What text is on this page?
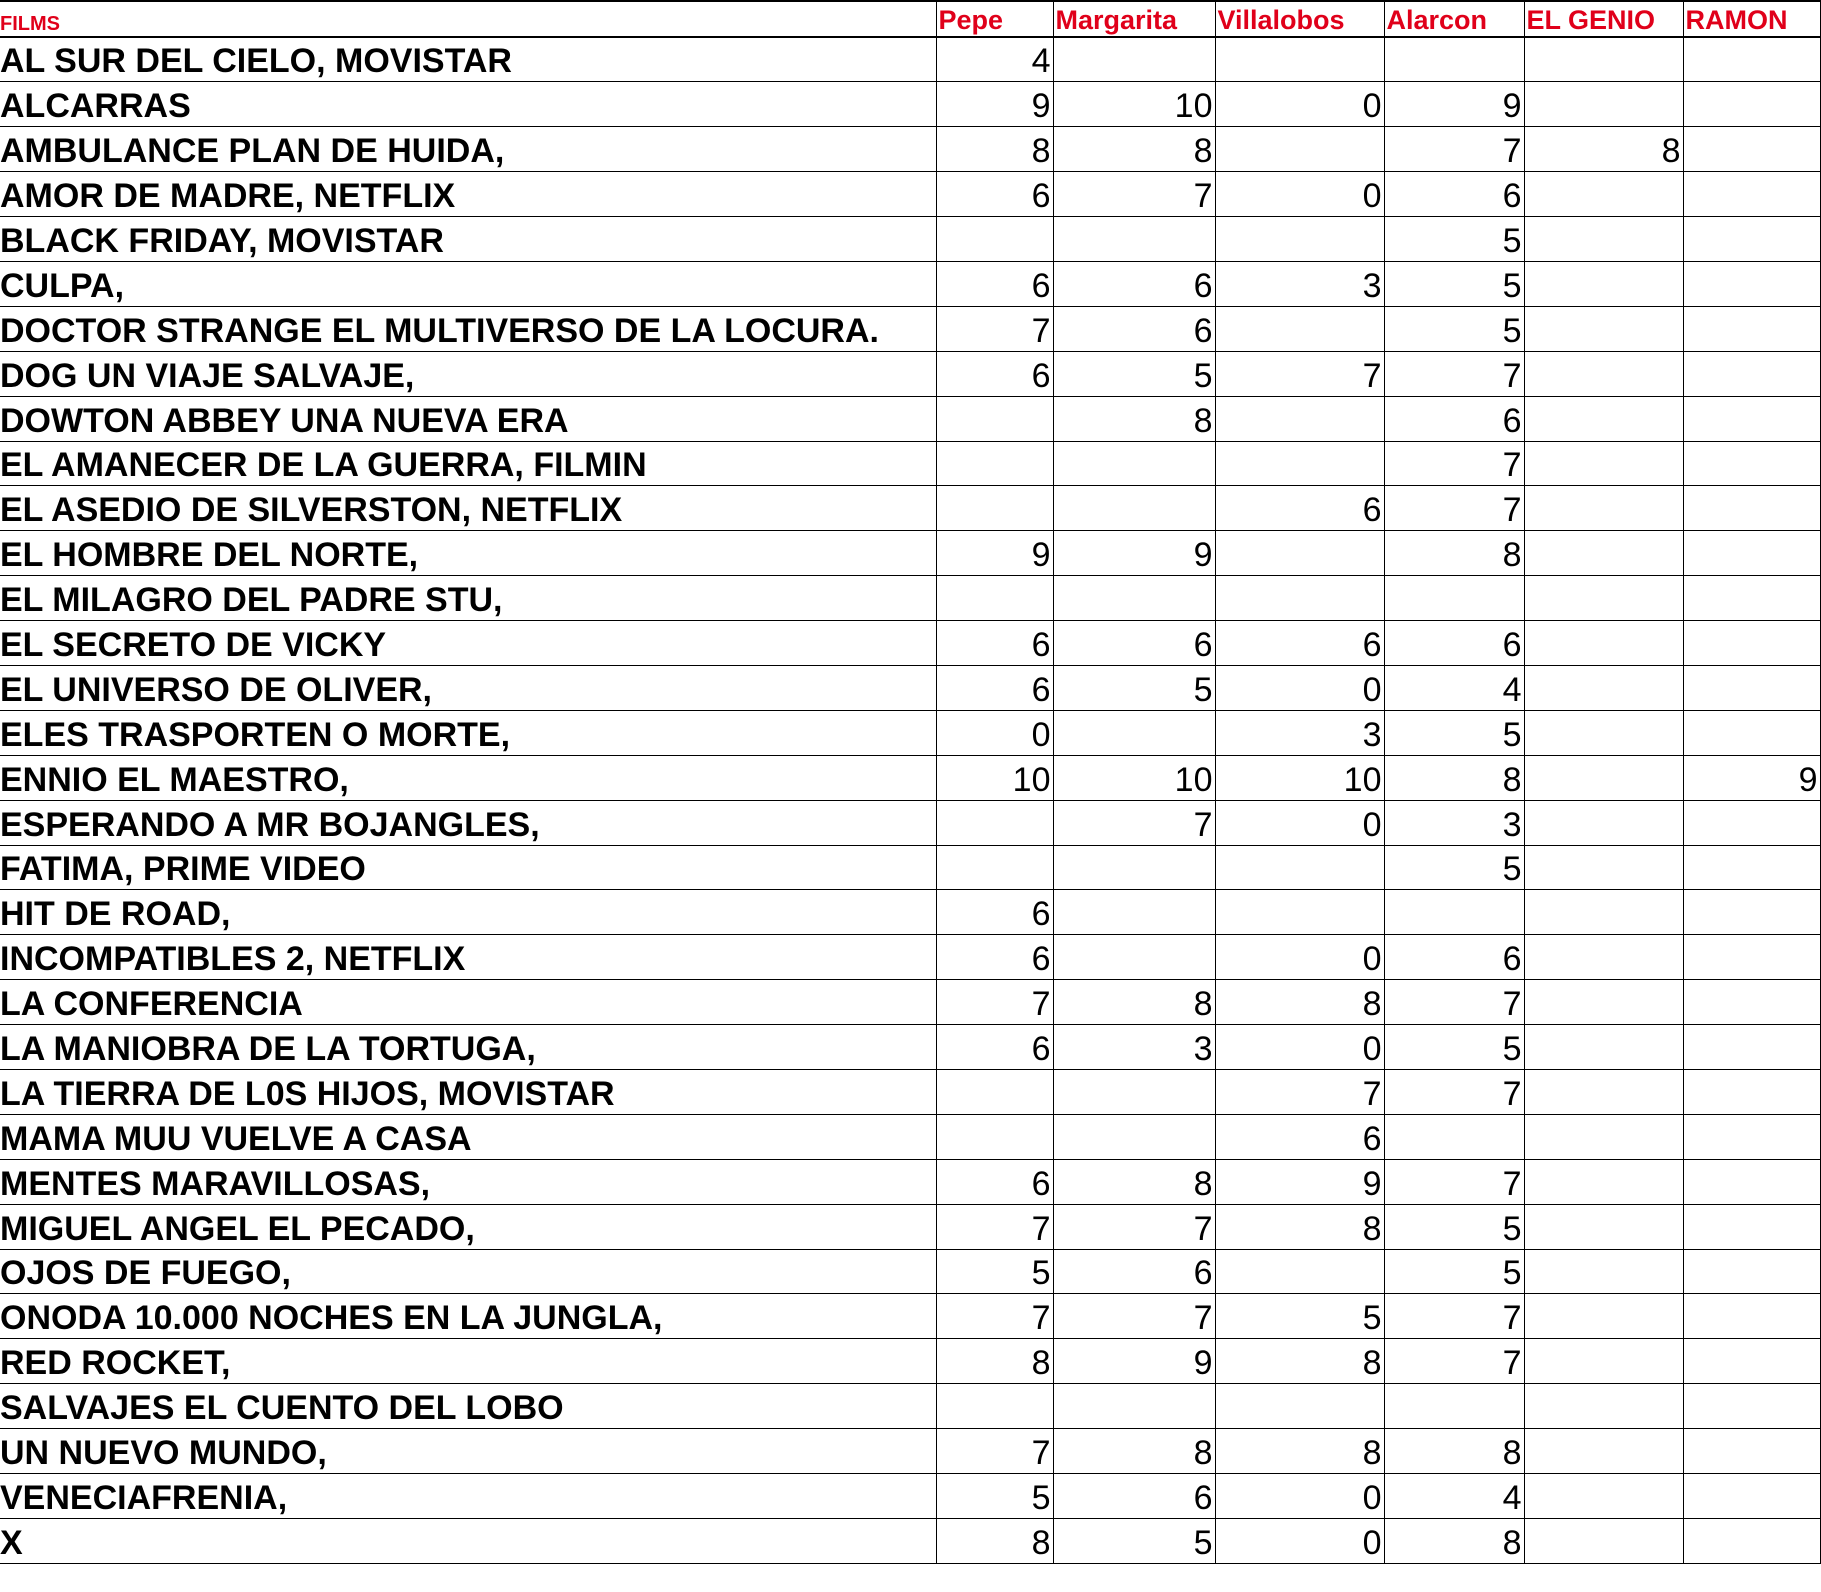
FILMS	Pepe	Margarita	Villalobos	Alarcon	EL GENIO	RAMON
AL SUR DEL CIELO, MOVISTAR	4					
ALCARRAS	9	10	0	9		
AMBULANCE PLAN DE HUIDA,	8	8		7	8	
AMOR DE MADRE, NETFLIX	6	7	0	6		
BLACK FRIDAY, MOVISTAR				5		
CULPA,	6	6	3	5		
DOCTOR STRANGE EL MULTIVERSO DE LA LOCURA.	7	6		5		
DOG UN VIAJE SALVAJE,	6	5	7	7		
DOWTON ABBEY UNA NUEVA ERA		8		6		
EL AMANECER DE LA GUERRA, FILMIN				7		
EL ASEDIO DE SILVERSTON, NETFLIX			6	7		
EL HOMBRE DEL NORTE,	9	9		8		
EL MILAGRO DEL PADRE STU,						
EL SECRETO DE VICKY	6	6	6	6		
EL UNIVERSO DE OLIVER,	6	5	0	4		
ELES TRASPORTEN O MORTE,	0		3	5		
ENNIO EL MAESTRO,	10	10	10	8		9
ESPERANDO A MR BOJANGLES,		7	0	3		
FATIMA, PRIME VIDEO				5		
HIT DE ROAD,	6					
INCOMPATIBLES 2, NETFLIX	6		0	6		
LA CONFERENCIA	7	8	8	7		
LA MANIOBRA DE LA TORTUGA,	6	3	0	5		
LA TIERRA DE L0S HIJOS, MOVISTAR			7	7		
MAMA MUU VUELVE A CASA			6			
MENTES MARAVILLOSAS,	6	8	9	7		
MIGUEL ANGEL EL PECADO,	7	7	8	5		
OJOS DE FUEGO,	5	6		5		
ONODA 10.000 NOCHES EN LA JUNGLA,	7	7	5	7		
RED ROCKET,	8	9	8	7		
SALVAJES EL CUENTO DEL LOBO						
UN NUEVO MUNDO,	7	8	8	8		
VENECIAFRENIA,	5	6	0	4		
X	8	5	0	8		
